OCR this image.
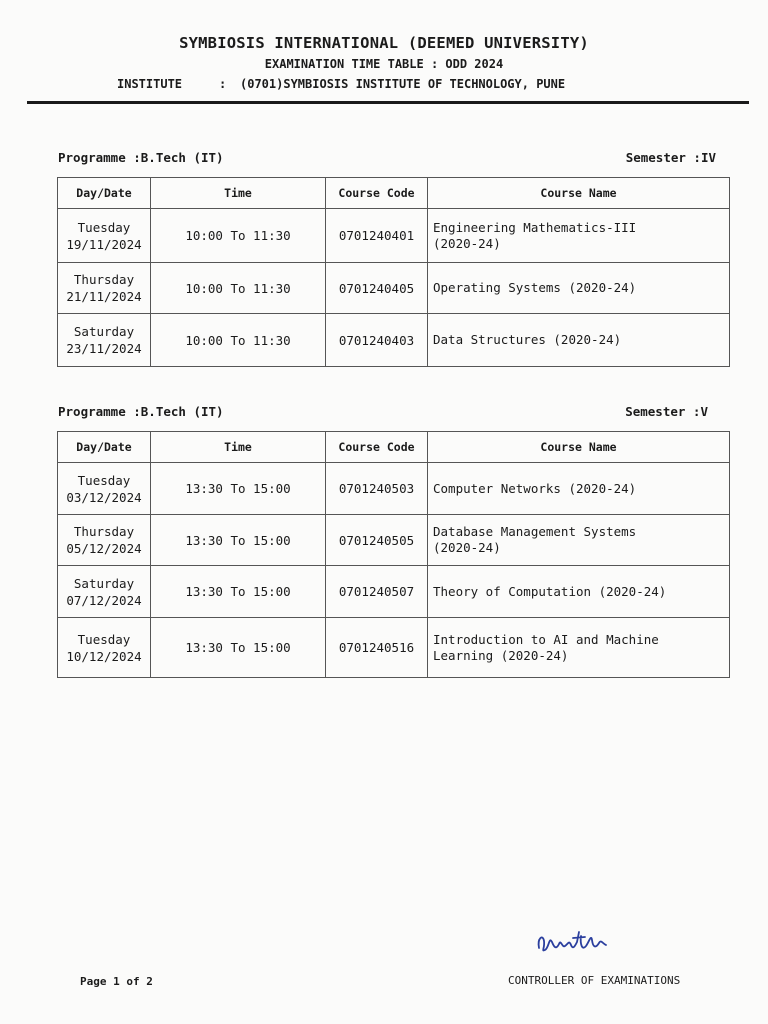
SYMBIOSIS INTERNATIONAL (DEEMED UNIVERSITY)
EXAMINATION TIME TABLE : ODD 2024
INSTITUTE	: (0701)SYMBIOSIS INSTITUTE OF TECHNOLOGY, PUNE
Programme :B.Tech (IT)	Semester :IV
Day/Date	Time	Course Code	Course Name
Tuesday
19/11/2024	10:00 To 11:30	0701240401	Engineering Mathematics-III (2020-24)

Thursday
21/11/2024	10:00 To 11:30	0701240405	Operating Systems (2020-24)

Saturday
23/11/2024	10:00 To 11:30	0701240403	Data Structures (2020-24)
Programme :B.Tech (IT)	Semester :V
Day/Date	Time	Course Code	Course Name
Tuesday
03/12/2024	13:30 To 15:00	0701240503	Computer Networks (2020-24)

Thursday
05/12/2024	13:30 To 15:00	0701240505	Database Management Systems (2020-24)

Saturday
07/12/2024	13:30 To 15:00	0701240507	Theory of Computation (2020-24)

Tuesday
10/12/2024	13:30 To 15:00	0701240516	Introduction to AI and Machine Learning (2020-24)
Page 1 of 2	CONTROLLER OF EXAMINATIONS
